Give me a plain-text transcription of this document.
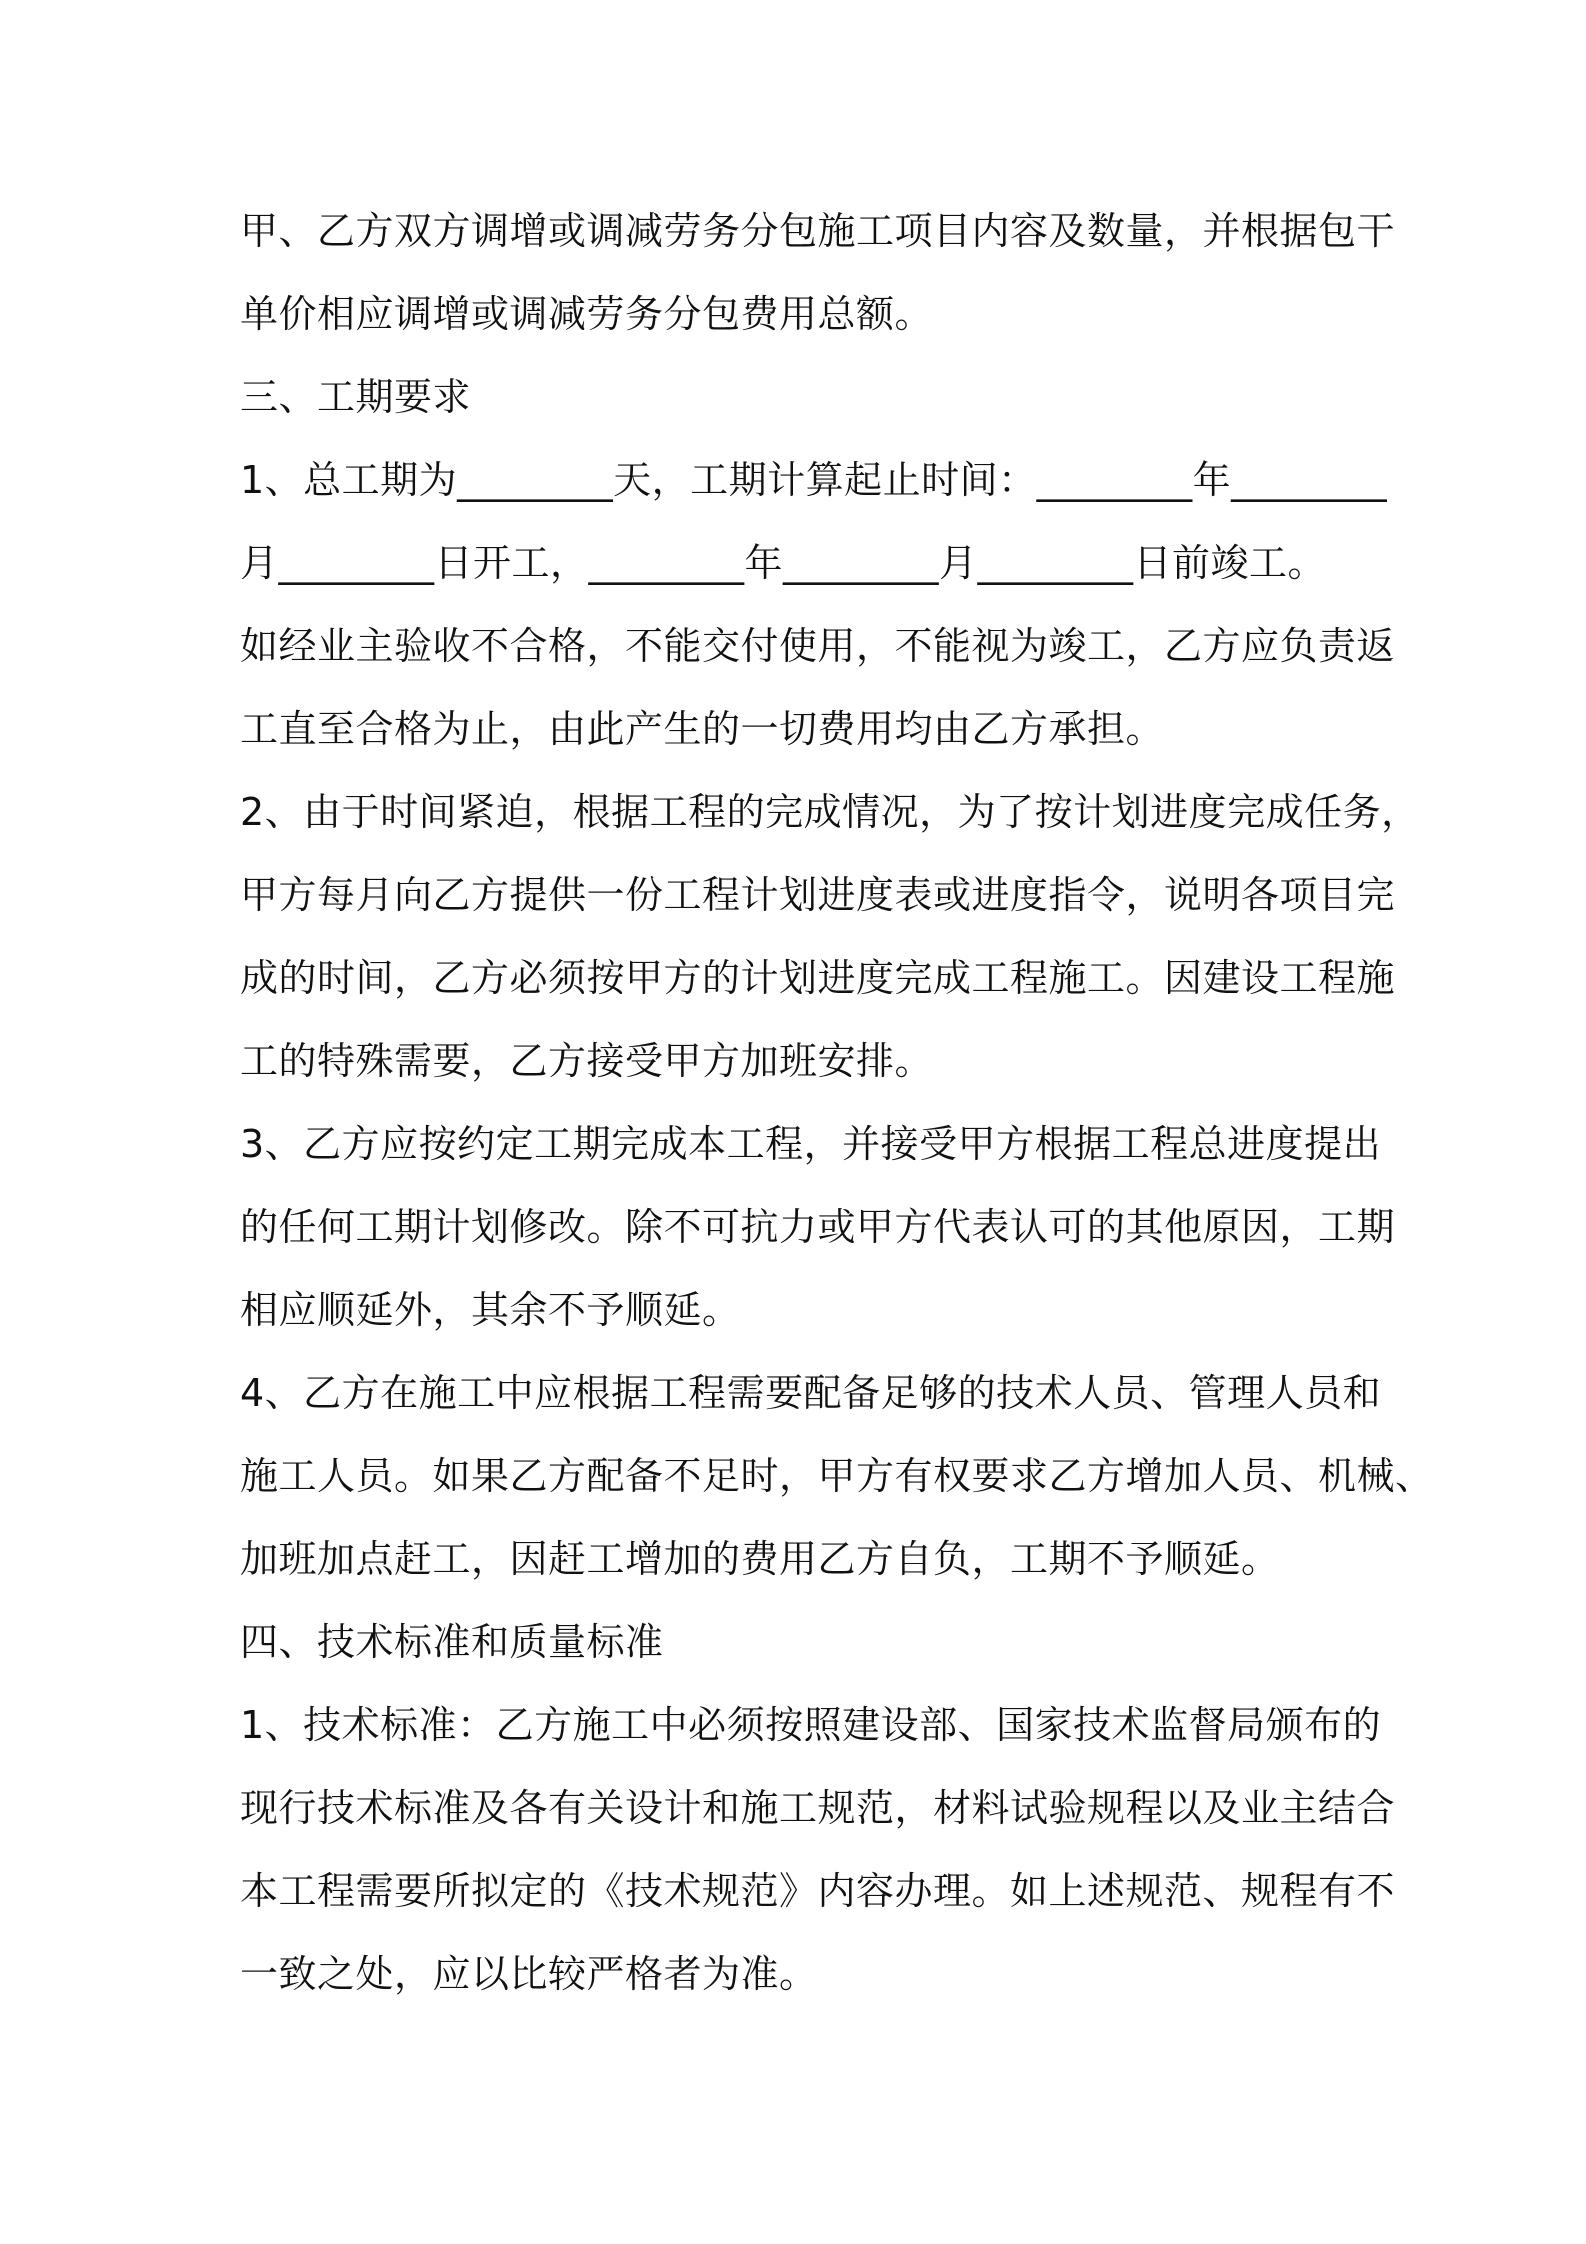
甲、乙方双方调增或调减劳务分包施工项目内容及数量，并根据包干
单价相应调增或调减劳务分包费用总额。
三、工期要求
1、总工期为________天，工期计算起止时间：________年________
月________日开工，________年________月________日前竣工。
如经业主验收不合格，不能交付使用，不能视为竣工，乙方应负责返
工直至合格为止，由此产生的一切费用均由乙方承担。
2、由于时间紧迫，根据工程的完成情况，为了按计划进度完成任务，
甲方每月向乙方提供一份工程计划进度表或进度指令，说明各项目完
成的时间，乙方必须按甲方的计划进度完成工程施工。因建设工程施
工的特殊需要，乙方接受甲方加班安排。
3、乙方应按约定工期完成本工程，并接受甲方根据工程总进度提出
的任何工期计划修改。除不可抗力或甲方代表认可的其他原因，工期
相应顺延外，其余不予顺延。
4、乙方在施工中应根据工程需要配备足够的技术人员、管理人员和
施工人员。如果乙方配备不足时，甲方有权要求乙方增加人员、机械、
加班加点赶工，因赶工增加的费用乙方自负，工期不予顺延。
四、技术标准和质量标准
1、技术标准：乙方施工中必须按照建设部、国家技术监督局颁布的
现行技术标准及各有关设计和施工规范，材料试验规程以及业主结合
本工程需要所拟定的《技术规范》内容办理。如上述规范、规程有不
一致之处，应以比较严格者为准。
